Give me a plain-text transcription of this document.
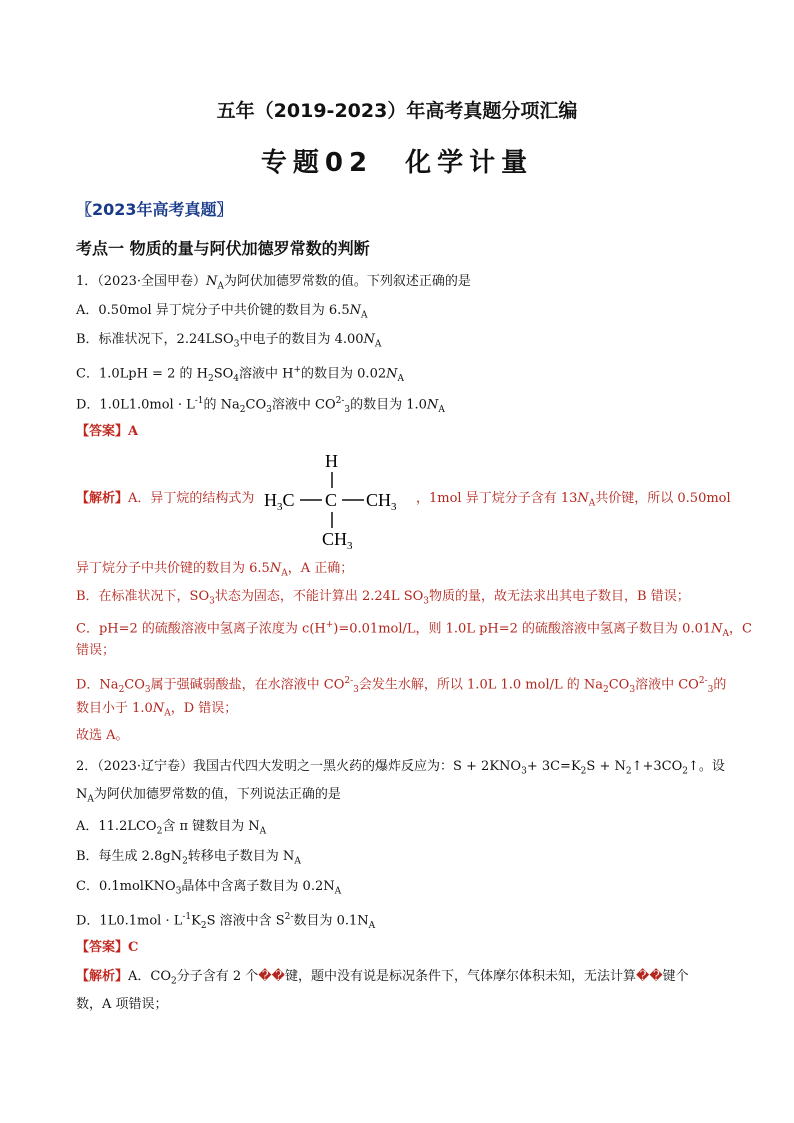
五年（2019-2023）年高考真题分项汇编
专题02　化学计量
〖2023年高考真题〗
考点一 物质的量与阿伏加德罗常数的判断
1．（2023·全国甲卷）$N_A$为阿伏加德罗常数的值。下列叙述正确的是
A．0.50mol 异丁烷分子中共价键的数目为 $6.5N_A$
B．标准状况下，$2.24LSO_3$中电子的数目为 $4.00N_A$
C．1.0LpH = 2 的 $H_2SO_4$溶液中 H+的数目为 $0.02N_A$
D．$1.0L1.0mol \cdot L^{-1}$的 $Na_2CO_3$溶液中 $CO^{2-}_3$的数目为 $1.0N_A$
【答案】A
H
$H_3C$ C $CH_3$
$CH_3$
【解析】A．异丁烷的结构式为	，1mol 异丁烷分子含有 $13N_A$共价键，所以 0.50mol
异丁烷分子中共价键的数目为 $6.5N_A$，A 正确；
B．在标准状况下，$SO_3$状态为固态，不能计算出 2.24L $SO_3$物质的量，故无法求出其电子数目，B 错误；
C．pH=2 的硫酸溶液中氢离子浓度为 c(H+)=0.01mol/L，则 1.0L pH=2 的硫酸溶液中氢离子数目为 $0.01N_A$，C
错误；
D．$Na_2CO_3$属于强碱弱酸盐，在水溶液中 $CO^{2-}_3$会发生水解，所以 1.0L 1.0 mol/L 的 $Na_2CO_3$溶液中 $CO^{2-}_3$的
数目小于 $1.0N_A$，D 错误；
故选 A。
2．（2023·辽宁卷）我国古代四大发明之一黑火药的爆炸反应为：$S + 2KNO_3+ 3C=K_2S$ + $N_2↑+3CO_2↑$。设
$N_A$为阿伏加德罗常数的值，下列说法正确的是
A．$11.2LCO_2$含 π 键数目为 $N_A$
B．每生成 $2.8gN_2$转移电子数目为 $N_A$
C．0.1molKNO$_3$晶体中含离子数目为 $0.2N_A$
D．$1L0.1mol \cdot L^{-1}K_2S$ 溶液中含 $S^{2-}$数目为 $0.1N_A$
【答案】C
【解析】A．$CO_2$分子含有 2 个��键，题中没有说是标况条件下，气体摩尔体积未知，无法计算��键个
数，A 项错误；
